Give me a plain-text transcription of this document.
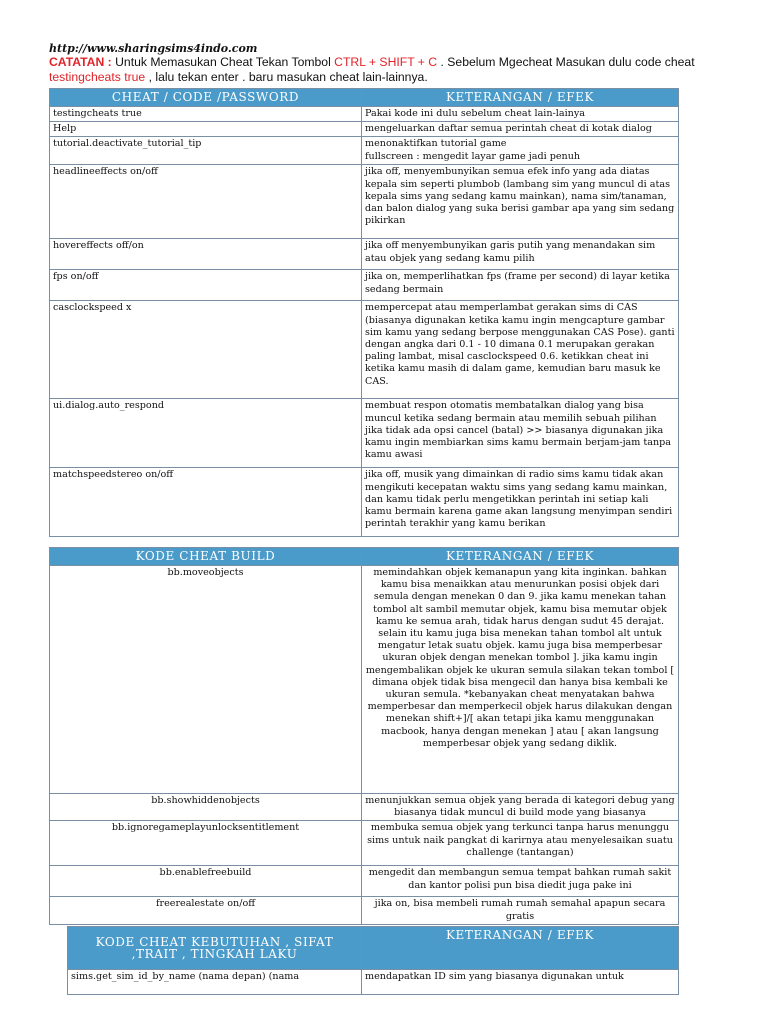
http://www.sharingsims4indo.com
CATATAN : Untuk Memasukan Cheat Tekan Tombol CTRL + SHIFT + C . Sebelum Mgecheat Masukan dulu code cheat testingcheats true , lalu tekan enter . baru masukan cheat lain-lainnya.
CHEAT / CODE /PASSWORD	KETERANGAN / EFEK
testingcheats true	Pakai kode ini dulu sebelum cheat lain-lainya
Help	mengeluarkan daftar semua perintah cheat di kotak dialog
tutorial.deactivate_tutorial_tip	menonaktifkan tutorial game
fullscreen : mengedit layar game jadi penuh
headlineeffects on/off	jika off, menyembunyikan semua efek info yang ada diatas kepala sim seperti plumbob (lambang sim yang muncul di atas kepala sims yang sedang kamu mainkan), nama sim/tanaman, dan balon dialog yang suka berisi gambar apa yang sim sedang pikirkan
hovereffects off/on	jika off menyembunyikan garis putih yang menandakan sim atau objek yang sedang kamu pilih
fps on/off	jika on, memperlihatkan fps (frame per second) di layar ketika sedang bermain
casclockspeed x	mempercepat atau memperlambat gerakan sims di CAS (biasanya digunakan ketika kamu ingin mengcapture gambar sim kamu yang sedang berpose menggunakan CAS Pose). ganti dengan angka dari 0.1 - 10 dimana 0.1 merupakan gerakan paling lambat, misal casclockspeed 0.6. ketikkan cheat ini ketika kamu masih di dalam game, kemudian baru masuk ke CAS.
ui.dialog.auto_respond	membuat respon otomatis membatalkan dialog yang bisa muncul ketika sedang bermain atau memilih sebuah pilihan jika tidak ada opsi cancel (batal) >> biasanya digunakan jika kamu ingin membiarkan sims kamu bermain berjam-jam tanpa kamu awasi
matchspeedstereo on/off	jika off, musik yang dimainkan di radio sims kamu tidak akan mengikuti kecepatan waktu sims yang sedang kamu mainkan, dan kamu tidak perlu mengetikkan perintah ini setiap kali kamu bermain karena game akan langsung menyimpan sendiri perintah terakhir yang kamu berikan
KODE CHEAT BUILD	KETERANGAN / EFEK
bb.moveobjects	memindahkan objek kemanapun yang kita inginkan. bahkan kamu bisa menaikkan atau menurunkan posisi objek dari semula dengan menekan 0 dan 9. jika kamu menekan tahan tombol alt sambil memutar objek, kamu bisa memutar objek kamu ke semua arah, tidak harus dengan sudut 45 derajat. selain itu kamu juga bisa menekan tahan tombol alt untuk mengatur letak suatu objek. kamu juga bisa memperbesar ukuran objek dengan menekan tombol ]. jika kamu ingin mengembalikan objek ke ukuran semula silakan tekan tombol [ dimana objek tidak bisa mengecil dan hanya bisa kembali ke ukuran semula. *kebanyakan cheat menyatakan bahwa memperbesar dan memperkecil objek harus dilakukan dengan menekan shift+]/[ akan tetapi jika kamu menggunakan macbook, hanya dengan menekan ] atau [ akan langsung memperbesar objek yang sedang diklik.
bb.showhiddenobjects	menunjukkan semua objek yang berada di kategori debug yang biasanya tidak muncul di build mode yang biasanya
bb.ignoregameplayunlocksentitlement	membuka semua objek yang terkunci tanpa harus menunggu sims untuk naik pangkat di karirnya atau menyelesaikan suatu challenge (tantangan)
bb.enablefreebuild	mengedit dan membangun semua tempat bahkan rumah sakit dan kantor polisi pun bisa diedit juga pake ini
freerealestate on/off	jika on, bisa membeli rumah rumah semahal apapun secara gratis
KODE CHEAT KEBUTUHAN , SIFAT ,TRAIT , TINGKAH LAKU	KETERANGAN / EFEK
sims.get_sim_id_by_name (nama depan) (nama	mendapatkan ID sim yang biasanya digunakan untuk
